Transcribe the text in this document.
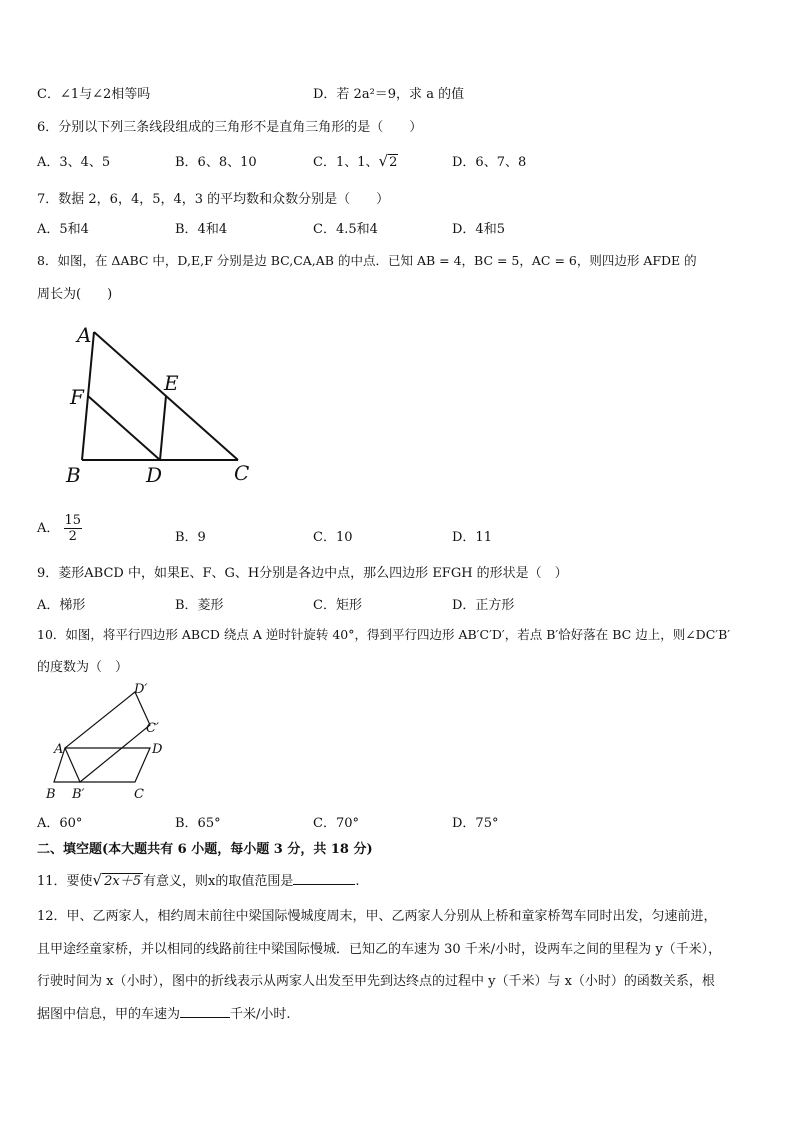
C．∠1与∠2相等吗	D．若 2a²＝9，求 a 的值
6．分别以下列三条线段组成的三角形不是直角三角形的是（　　）
A．3、4、5	B．6、8、10	C．1、1、√2	D．6、7、8
7．数据 2，6，4，5，4，3 的平均数和众数分别是（　　）
A．5和4	B．4和4	C．4.5和4	D．4和5
8．如图，在 ΔABC 中，D,E,F 分别是边 BC,CA,AB 的中点．已知 AB = 4，BC = 5，AC = 6，则四边形 AFDE 的
周长为(　　)
A
F
E
B	D	C
A． $\frac{15}{2}$	B．9	C．10	D．11
9．菱形ABCD 中，如果E、F、G、H分别是各边中点，那么四边形 EFGH 的形状是（　）
A．梯形	B．菱形	C．矩形	D．正方形
10．如图，将平行四边形 ABCD 绕点 A 逆时针旋转 40°，得到平行四边形 AB′C′D′，若点 B′恰好落在 BC 边上，则∠DC′B′
的度数为（　）
A	D
B B′	C
C′
D′
A．60°	B．65°	C．70°	D．75°
二、填空题(本大题共有 6 小题，每小题 3 分，共 18 分)
11．要使√ 2x＋5 有意义，则x的取值范围是	.
12．甲、乙两家人，相约周末前往中梁国际慢城度周末，甲、乙两家人分别从上桥和童家桥驾车同时出发，匀速前进，
且甲途经童家桥，并以相同的线路前往中梁国际慢城．已知乙的车速为 30 千米/小时，设两车之间的里程为 y（千米），
行驶时间为 x（小时），图中的折线表示从两家人出发至甲先到达终点的过程中 y（千米）与 x（小时）的函数关系，根
据图中信息，甲的车速为	千米/小时.
